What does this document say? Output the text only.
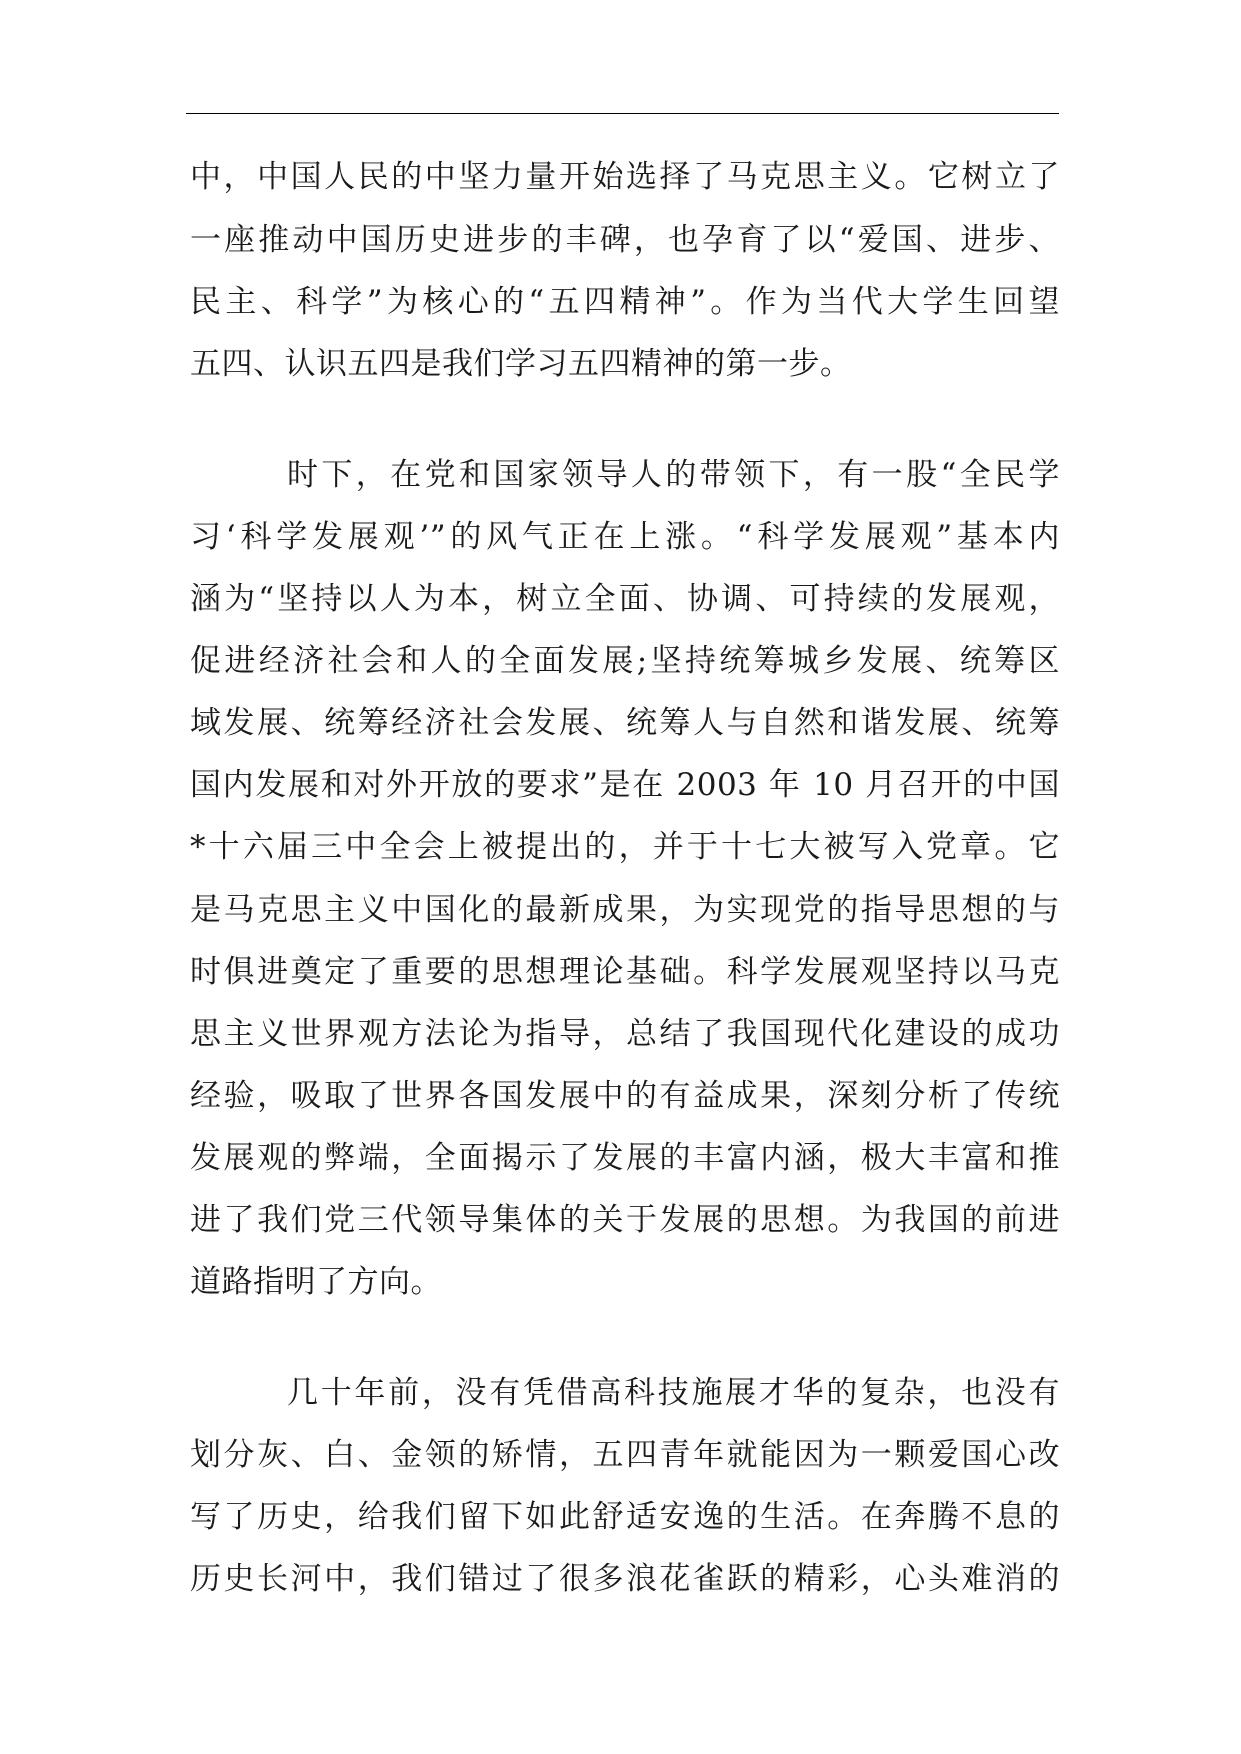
中，中国人民的中坚力量开始选择了马克思主义。它树立了
一座推动中国历史进步的丰碑，也孕育了以“爱国、进步、
民主、科学”为核心的“五四精神”。作为当代大学生回望
五四、认识五四是我们学习五四精神的第一步。
时下，在党和国家领导人的带领下，有一股“全民学
习‘科学发展观’”的风气正在上涨。“科学发展观”基本内
涵为“坚持以人为本，树立全面、协调、可持续的发展观，
促进经济社会和人的全面发展;坚持统筹城乡发展、统筹区
域发展、统筹经济社会发展、统筹人与自然和谐发展、统筹
国内发展和对外开放的要求”是在 2003 年 10 月召开的中国
*十六届三中全会上被提出的，并于十七大被写入党章。它
是马克思主义中国化的最新成果，为实现党的指导思想的与
时俱进奠定了重要的思想理论基础。科学发展观坚持以马克
思主义世界观方法论为指导，总结了我国现代化建设的成功
经验，吸取了世界各国发展中的有益成果，深刻分析了传统
发展观的弊端，全面揭示了发展的丰富内涵，极大丰富和推
进了我们党三代领导集体的关于发展的思想。为我国的前进
道路指明了方向。
几十年前，没有凭借高科技施展才华的复杂，也没有
划分灰、白、金领的矫情，五四青年就能因为一颗爱国心改
写了历史，给我们留下如此舒适安逸的生活。在奔腾不息的
历史长河中，我们错过了很多浪花雀跃的精彩，心头难消的
